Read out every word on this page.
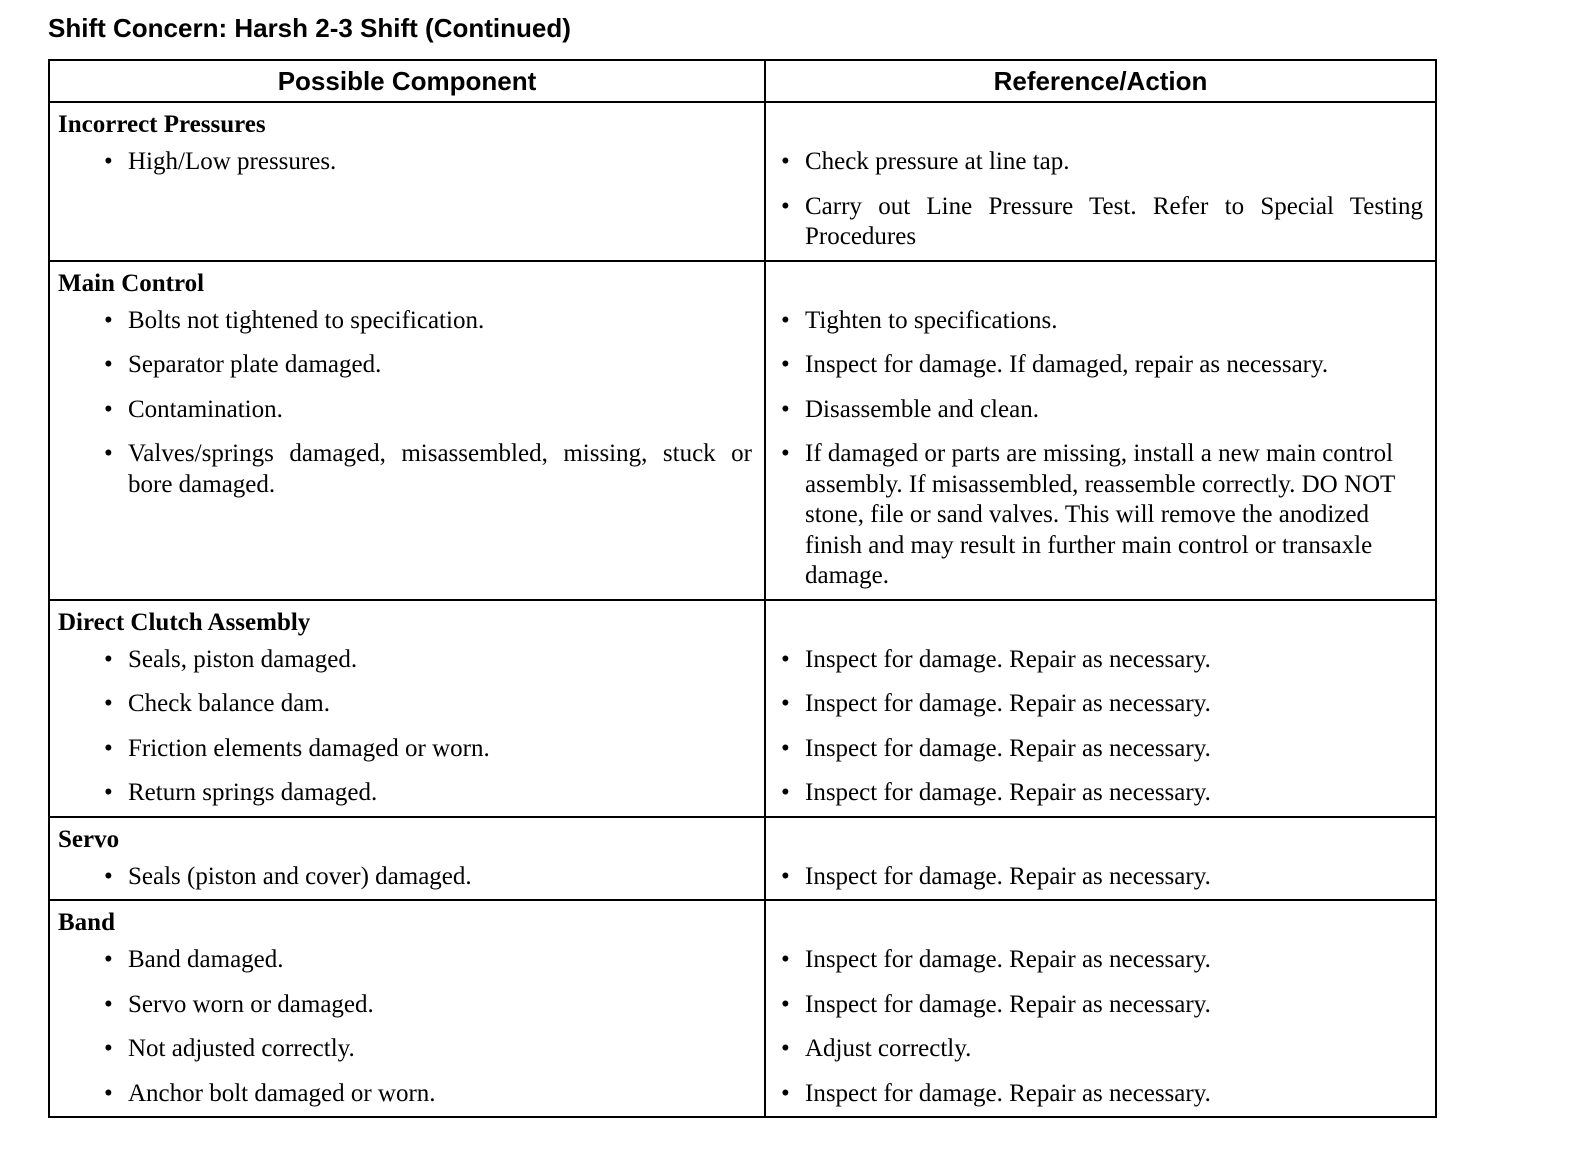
Shift Concern: Harsh 2-3 Shift (Continued)
Possible Component	Reference/Action

Incorrect Pressures	

• High/Low pressures.	• Check pressure at line tap.

	• Carry out Line Pressure Test. Refer to Special Testing Procedures

Main Control	

• Bolts not tightened to specification.	• Tighten to specifications.

• Separator plate damaged.	• Inspect for damage. If damaged, repair as necessary.

• Contamination.	• Disassemble and clean.

• Valves/springs damaged, misassembled, missing, stuck or bore damaged.	• If damaged or parts are missing, install a new main control assembly. If misassembled, reassemble correctly. DO NOT stone, file or sand valves. This will remove the anodized finish and may result in further main control or transaxle damage.

Direct Clutch Assembly	

• Seals, piston damaged.	• Inspect for damage. Repair as necessary.

• Check balance dam.	• Inspect for damage. Repair as necessary.

• Friction elements damaged or worn.	• Inspect for damage. Repair as necessary.

• Return springs damaged.	• Inspect for damage. Repair as necessary.

Servo	

• Seals (piston and cover) damaged.	• Inspect for damage. Repair as necessary.

Band	

• Band damaged.	• Inspect for damage. Repair as necessary.

• Servo worn or damaged.	• Inspect for damage. Repair as necessary.

• Not adjusted correctly.	• Adjust correctly.

• Anchor bolt damaged or worn.	• Inspect for damage. Repair as necessary.
